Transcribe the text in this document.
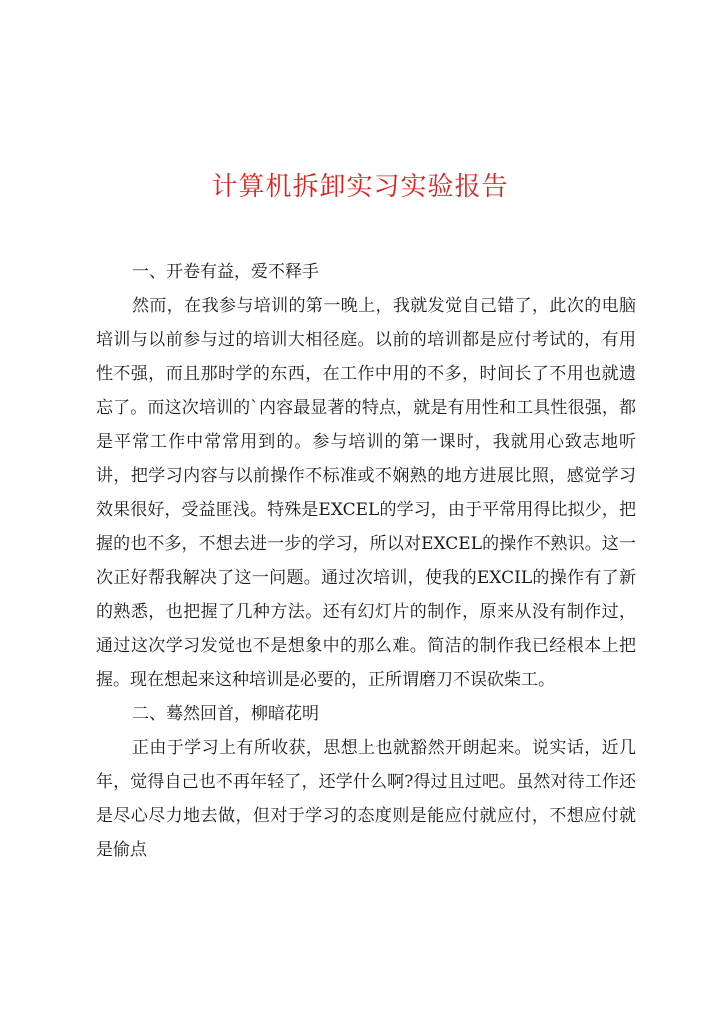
计算机拆卸实习实验报告

一、开卷有益，爱不释手

然而，在我参与培训的第一晚上，我就发觉自己错了，此次的电脑培训与以前参与过的培训大相径庭。以前的培训都是应付考试的，有用性不强，而且那时学的东西，在工作中用的不多，时间长了不用也就遗忘了。而这次培训的`内容最显著的特点，就是有用性和工具性很强，都是平常工作中常常用到的。参与培训的第一课时，我就用心致志地听讲，把学习内容与以前操作不标准或不娴熟的地方进展比照，感觉学习效果很好，受益匪浅。特殊是EXCEL的学习，由于平常用得比拟少，把握的也不多，不想去进一步的学习，所以对EXCEL的操作不熟识。这一次正好帮我解决了这一问题。通过次培训，使我的EXCIL的操作有了新的熟悉，也把握了几种方法。还有幻灯片的制作，原来从没有制作过，通过这次学习发觉也不是想象中的那么难。简洁的制作我已经根本上把握。现在想起来这种培训是必要的，正所谓磨刀不误砍柴工。

二、蓦然回首，柳暗花明

正由于学习上有所收获，思想上也就豁然开朗起来。说实话，近几年，觉得自己也不再年轻了，还学什么啊?得过且过吧。虽然对待工作还是尽心尽力地去做，但对于学习的态度则是能应付就应付，不想应付就是偷点
